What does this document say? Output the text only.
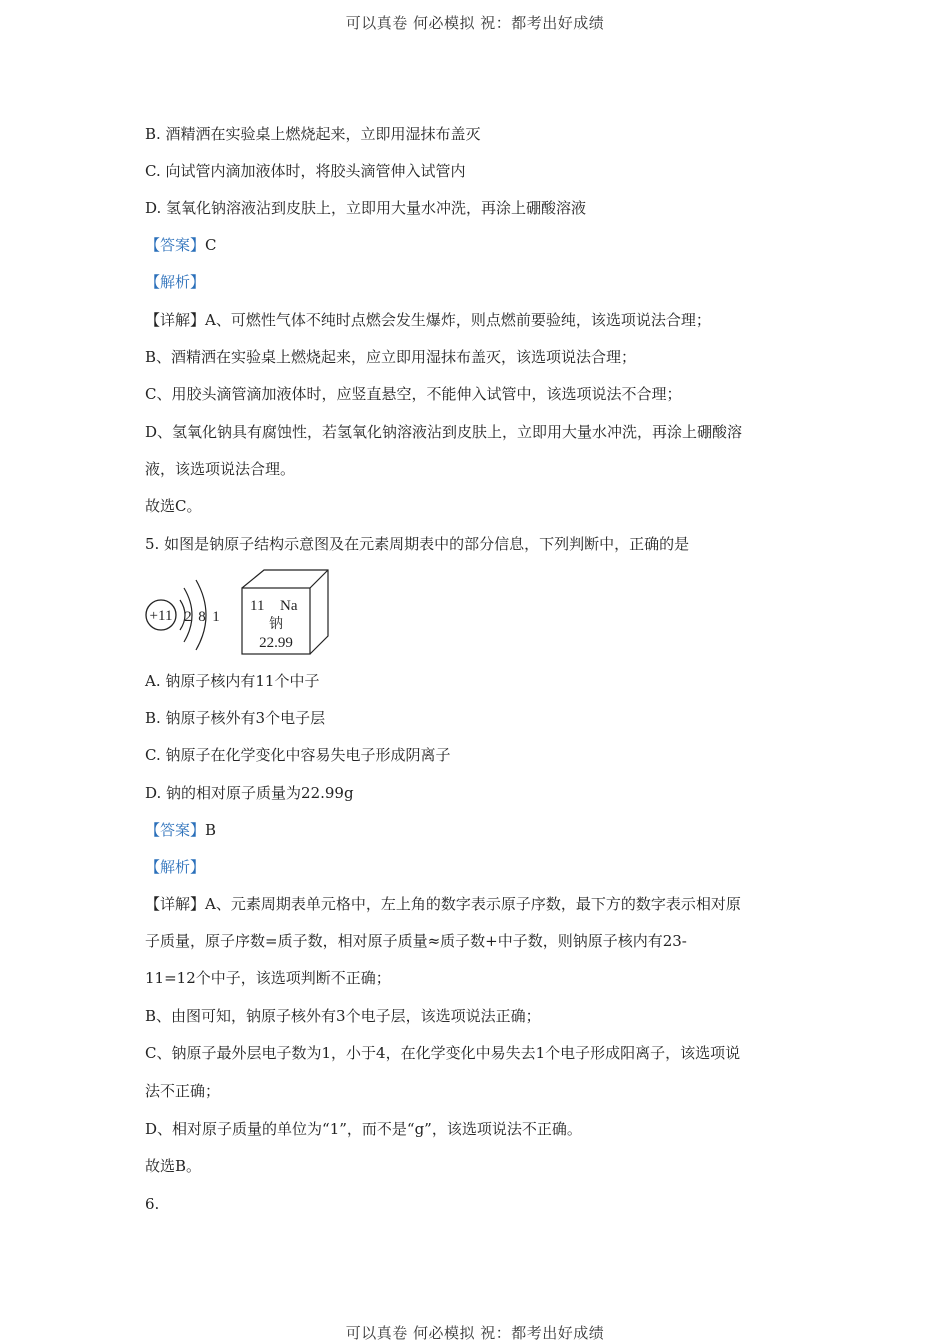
可以真卷 何必模拟 祝：都考出好成绩
B. 酒精洒在实验桌上燃烧起来，立即用湿抹布盖灭
C. 向试管内滴加液体时，将胶头滴管伸入试管内
D. 氢氧化钠溶液沾到皮肤上，立即用大量水冲洗，再涂上硼酸溶液
【答案】C
【解析】
【详解】A、可燃性气体不纯时点燃会发生爆炸，则点燃前要验纯，该选项说法合理；
B、酒精洒在实验桌上燃烧起来，应立即用湿抹布盖灭，该选项说法合理；
C、用胶头滴管滴加液体时，应竖直悬空，不能伸入试管中，该选项说法不合理；
D、氢氧化钠具有腐蚀性，若氢氧化钠溶液沾到皮肤上，立即用大量水冲洗，再涂上硼酸溶
液，该选项说法合理。
故选C。
5. 如图是钠原子结构示意图及在元素周期表中的部分信息，下列判断中，正确的是
A. 钠原子核内有11个中子
B. 钠原子核外有3个电子层
C. 钠原子在化学变化中容易失电子形成阴离子
D. 钠的相对原子质量为22.99g
【答案】B
【解析】
【详解】A、元素周期表单元格中，左上角的数字表示原子序数，最下方的数字表示相对原
子质量，原子序数=质子数，相对原子质量≈质子数+中子数，则钠原子核内有23-
11=12个中子，该选项判断不正确；
B、由图可知，钠原子核外有3个电子层，该选项说法正确；
C、钠原子最外层电子数为1，小于4，在化学变化中易失去1个电子形成阳离子，该选项说
法不正确；
D、相对原子质量的单位为“1”，而不是“g”，该选项说法不正确。
故选B。
6.
+11 2 8 1
11 Na
钠
22.99
可以真卷 何必模拟 祝：都考出好成绩
